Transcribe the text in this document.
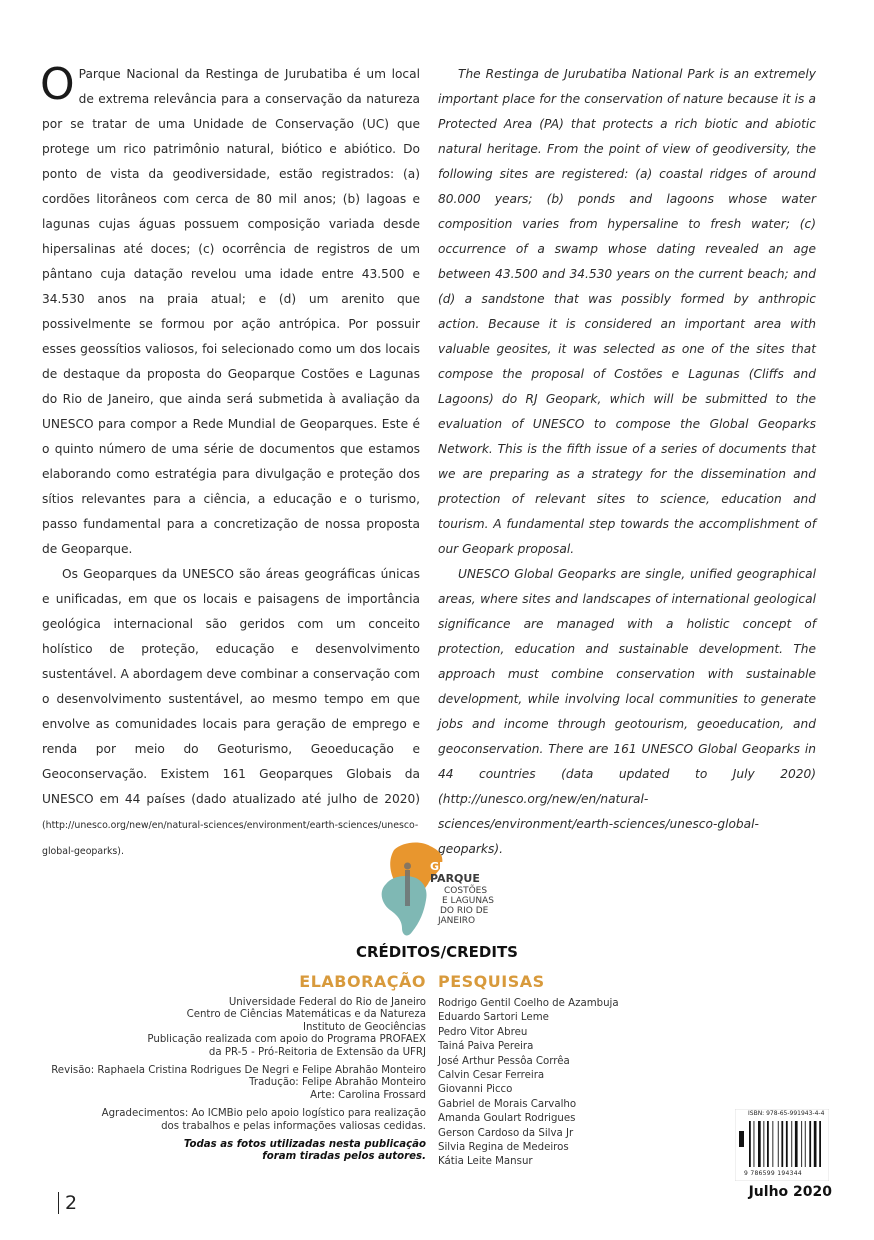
O Parque Nacional da Restinga de Jurubatiba é um local de extrema relevância para a conservação da natureza por se tratar de uma Unidade de Conservação (UC) que protege um rico patrimônio natural, biótico e abiótico. Do ponto de vista da geodiversidade, estão registrados: (a) cordões litorâneos com cerca de 80 mil anos; (b) lagoas e lagunas cujas águas possuem composição variada desde hipersalinas até doces; (c) ocorrência de registros de um pântano cuja datação revelou uma idade entre 43.500 e 34.530 anos na praia atual; e (d) um arenito que possivelmente se formou por ação antrópica. Por possuir esses geossítios valiosos, foi selecionado como um dos locais de destaque da proposta do Geoparque Costões e Lagunas do Rio de Janeiro, que ainda será submetida à avaliação da UNESCO para compor a Rede Mundial de Geoparques. Este é o quinto número de uma série de documentos que estamos elaborando como estratégia para divulgação e proteção dos sítios relevantes para a ciência, a educação e o turismo, passo fundamental para a concretização de nossa proposta de Geoparque.

Os Geoparques da UNESCO são áreas geográficas únicas e unificadas, em que os locais e paisagens de importância geológica internacional são geridos com um conceito holístico de proteção, educação e desenvolvimento sustentável. A abordagem deve combinar a conservação com o desenvolvimento sustentável, ao mesmo tempo em que envolve as comunidades locais para geração de emprego e renda por meio do Geoturismo, Geoeducação e Geoconservação. Existem 161 Geoparques Globais da UNESCO em 44 países (dado atualizado até julho de 2020) (http://unesco.org/new/en/natural-sciences/environment/earth-sciences/unesco-global-geoparks).

The Restinga de Jurubatiba National Park is an extremely important place for the conservation of nature because it is a Protected Area (PA) that protects a rich biotic and abiotic natural heritage. From the point of view of geodiversity, the following sites are registered: (a) coastal ridges of around 80.000 years; (b) ponds and lagoons whose water composition varies from hypersaline to fresh water; (c) occurrence of a swamp whose dating revealed an age between 43.500 and 34.530 years on the current beach; and (d) a sandstone that was possibly formed by anthropic action. Because it is considered an important area with valuable geosites, it was selected as one of the sites that compose the proposal of Costões e Lagunas (Cliffs and Lagoons) do RJ Geopark, which will be submitted to the evaluation of UNESCO to compose the Global Geoparks Network. This is the fifth issue of a series of documents that we are preparing as a strategy for the dissemination and protection of relevant sites to science, education and tourism. A fundamental step towards the accomplishment of our Geopark proposal.

UNESCO Global Geoparks are single, unified geographical areas, where sites and landscapes of international geological significance are managed with a holistic concept of protection, education and sustainable development. The approach must combine conservation with sustainable development, while involving local communities to generate jobs and income through geotourism, geoeducation, and geoconservation. There are 161 UNESCO Global Geoparks in 44 countries (data updated to July 2020) (http://unesco.org/new/en/natural-sciences/environment/earth-sciences/unesco-global-geoparks).

GEO
PARQUE
COSTÕES
E LAGUNAS
DO RIO DE
JANEIRO
CRÉDITOS/CREDITS
ELABORAÇÃO PESQUISAS
Universidade Federal do Rio de Janeiro
Centro de Ciências Matemáticas e da Natureza
Instituto de Geociências
Publicação realizada com apoio do Programa PROFAEX
da PR-5 - Pró-Reitoria de Extensão da UFRJ
Revisão: Raphaela Cristina Rodrigues De Negri e Felipe Abrahão Monteiro
Tradução: Felipe Abrahão Monteiro
Arte: Carolina Frossard
Agradecimentos: Ao ICMBio pelo apoio logístico para realização
dos trabalhos e pelas informações valiosas cedidas.
Todas as fotos utilizadas nesta publicação
foram tiradas pelos autores.
Rodrigo Gentil Coelho de Azambuja
Eduardo Sartori Leme
Pedro Vitor Abreu
Tainá Paiva Pereira
José Arthur Pessôa Corrêa
Calvin Cesar Ferreira
Giovanni Picco
Gabriel de Morais Carvalho
Amanda Goulart Rodrigues
Gerson Cardoso da Silva Jr
Silvia Regina de Medeiros
Kátia Leite Mansur
ISBN: 978-65-991943-4-4
9 786599 194344
2	Julho 2020
